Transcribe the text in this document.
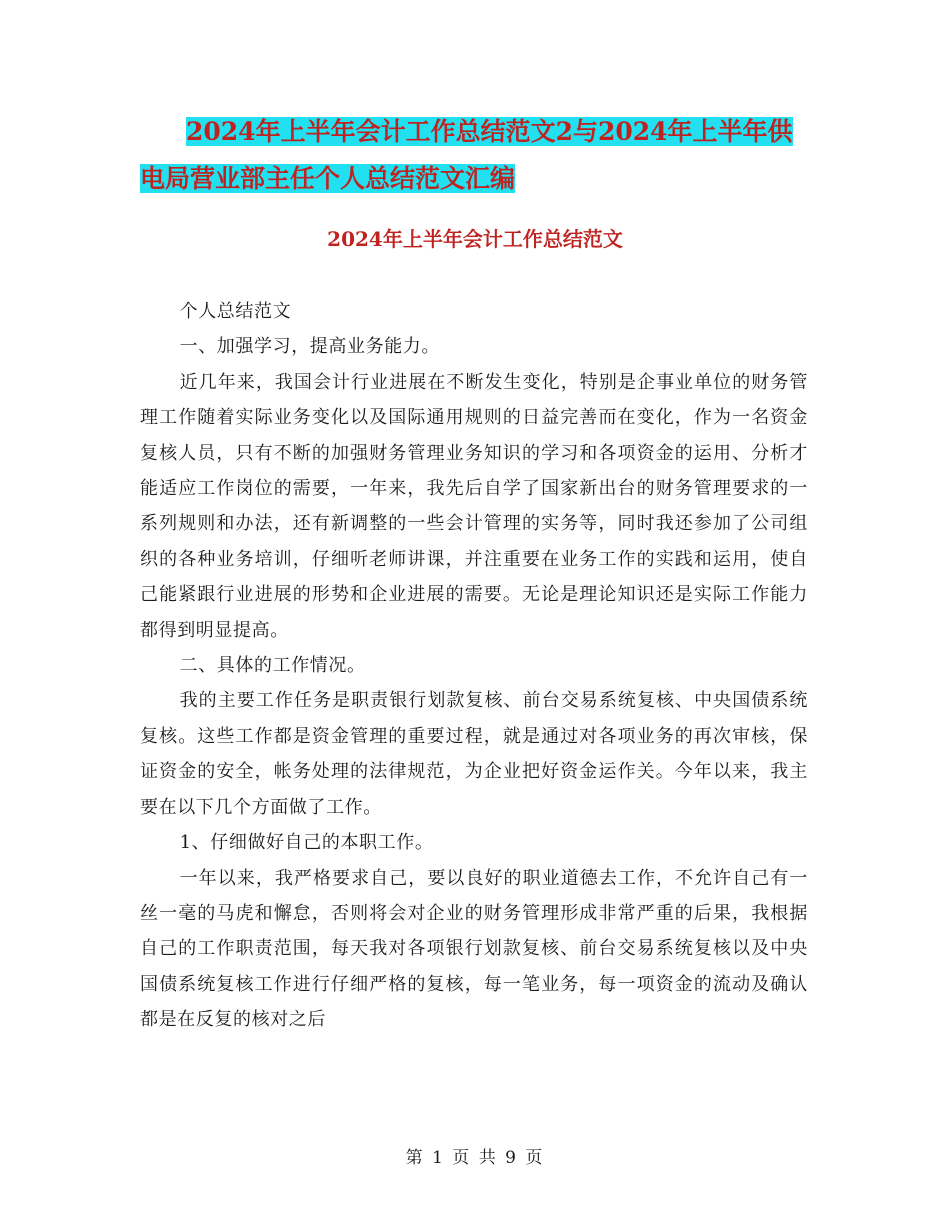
2024年上半年会计工作总结范文2与2024年上半年供
电局营业部主任个人总结范文汇编
2024年上半年会计工作总结范文

个人总结范文

一、加强学习，提高业务能力。

近几年来，我国会计行业进展在不断发生变化，特别是企事业单位的财务管理工作随着实际业务变化以及国际通用规则的日益完善而在变化，作为一名资金复核人员，只有不断的加强财务管理业务知识的学习和各项资金的运用、分析才能适应工作岗位的需要，一年来，我先后自学了国家新出台的财务管理要求的一系列规则和办法，还有新调整的一些会计管理的实务等，同时我还参加了公司组织的各种业务培训，仔细听老师讲课，并注重要在业务工作的实践和运用，使自己能紧跟行业进展的形势和企业进展的需要。无论是理论知识还是实际工作能力都得到明显提高。

二、具体的工作情况。

我的主要工作任务是职责银行划款复核、前台交易系统复核、中央国债系统复核。这些工作都是资金管理的重要过程，就是通过对各项业务的再次审核，保证资金的安全，帐务处理的法律规范，为企业把好资金运作关。今年以来，我主要在以下几个方面做了工作。

1、仔细做好自己的本职工作。

一年以来，我严格要求自己，要以良好的职业道德去工作，不允许自己有一丝一毫的马虎和懈怠，否则将会对企业的财务管理形成非常严重的后果，我根据自己的工作职责范围，每天我对各项银行划款复核、前台交易系统复核以及中央国债系统复核工作进行仔细严格的复核，每一笔业务，每一项资金的流动及确认都是在反复的核对之后

第 1 页 共 9 页
